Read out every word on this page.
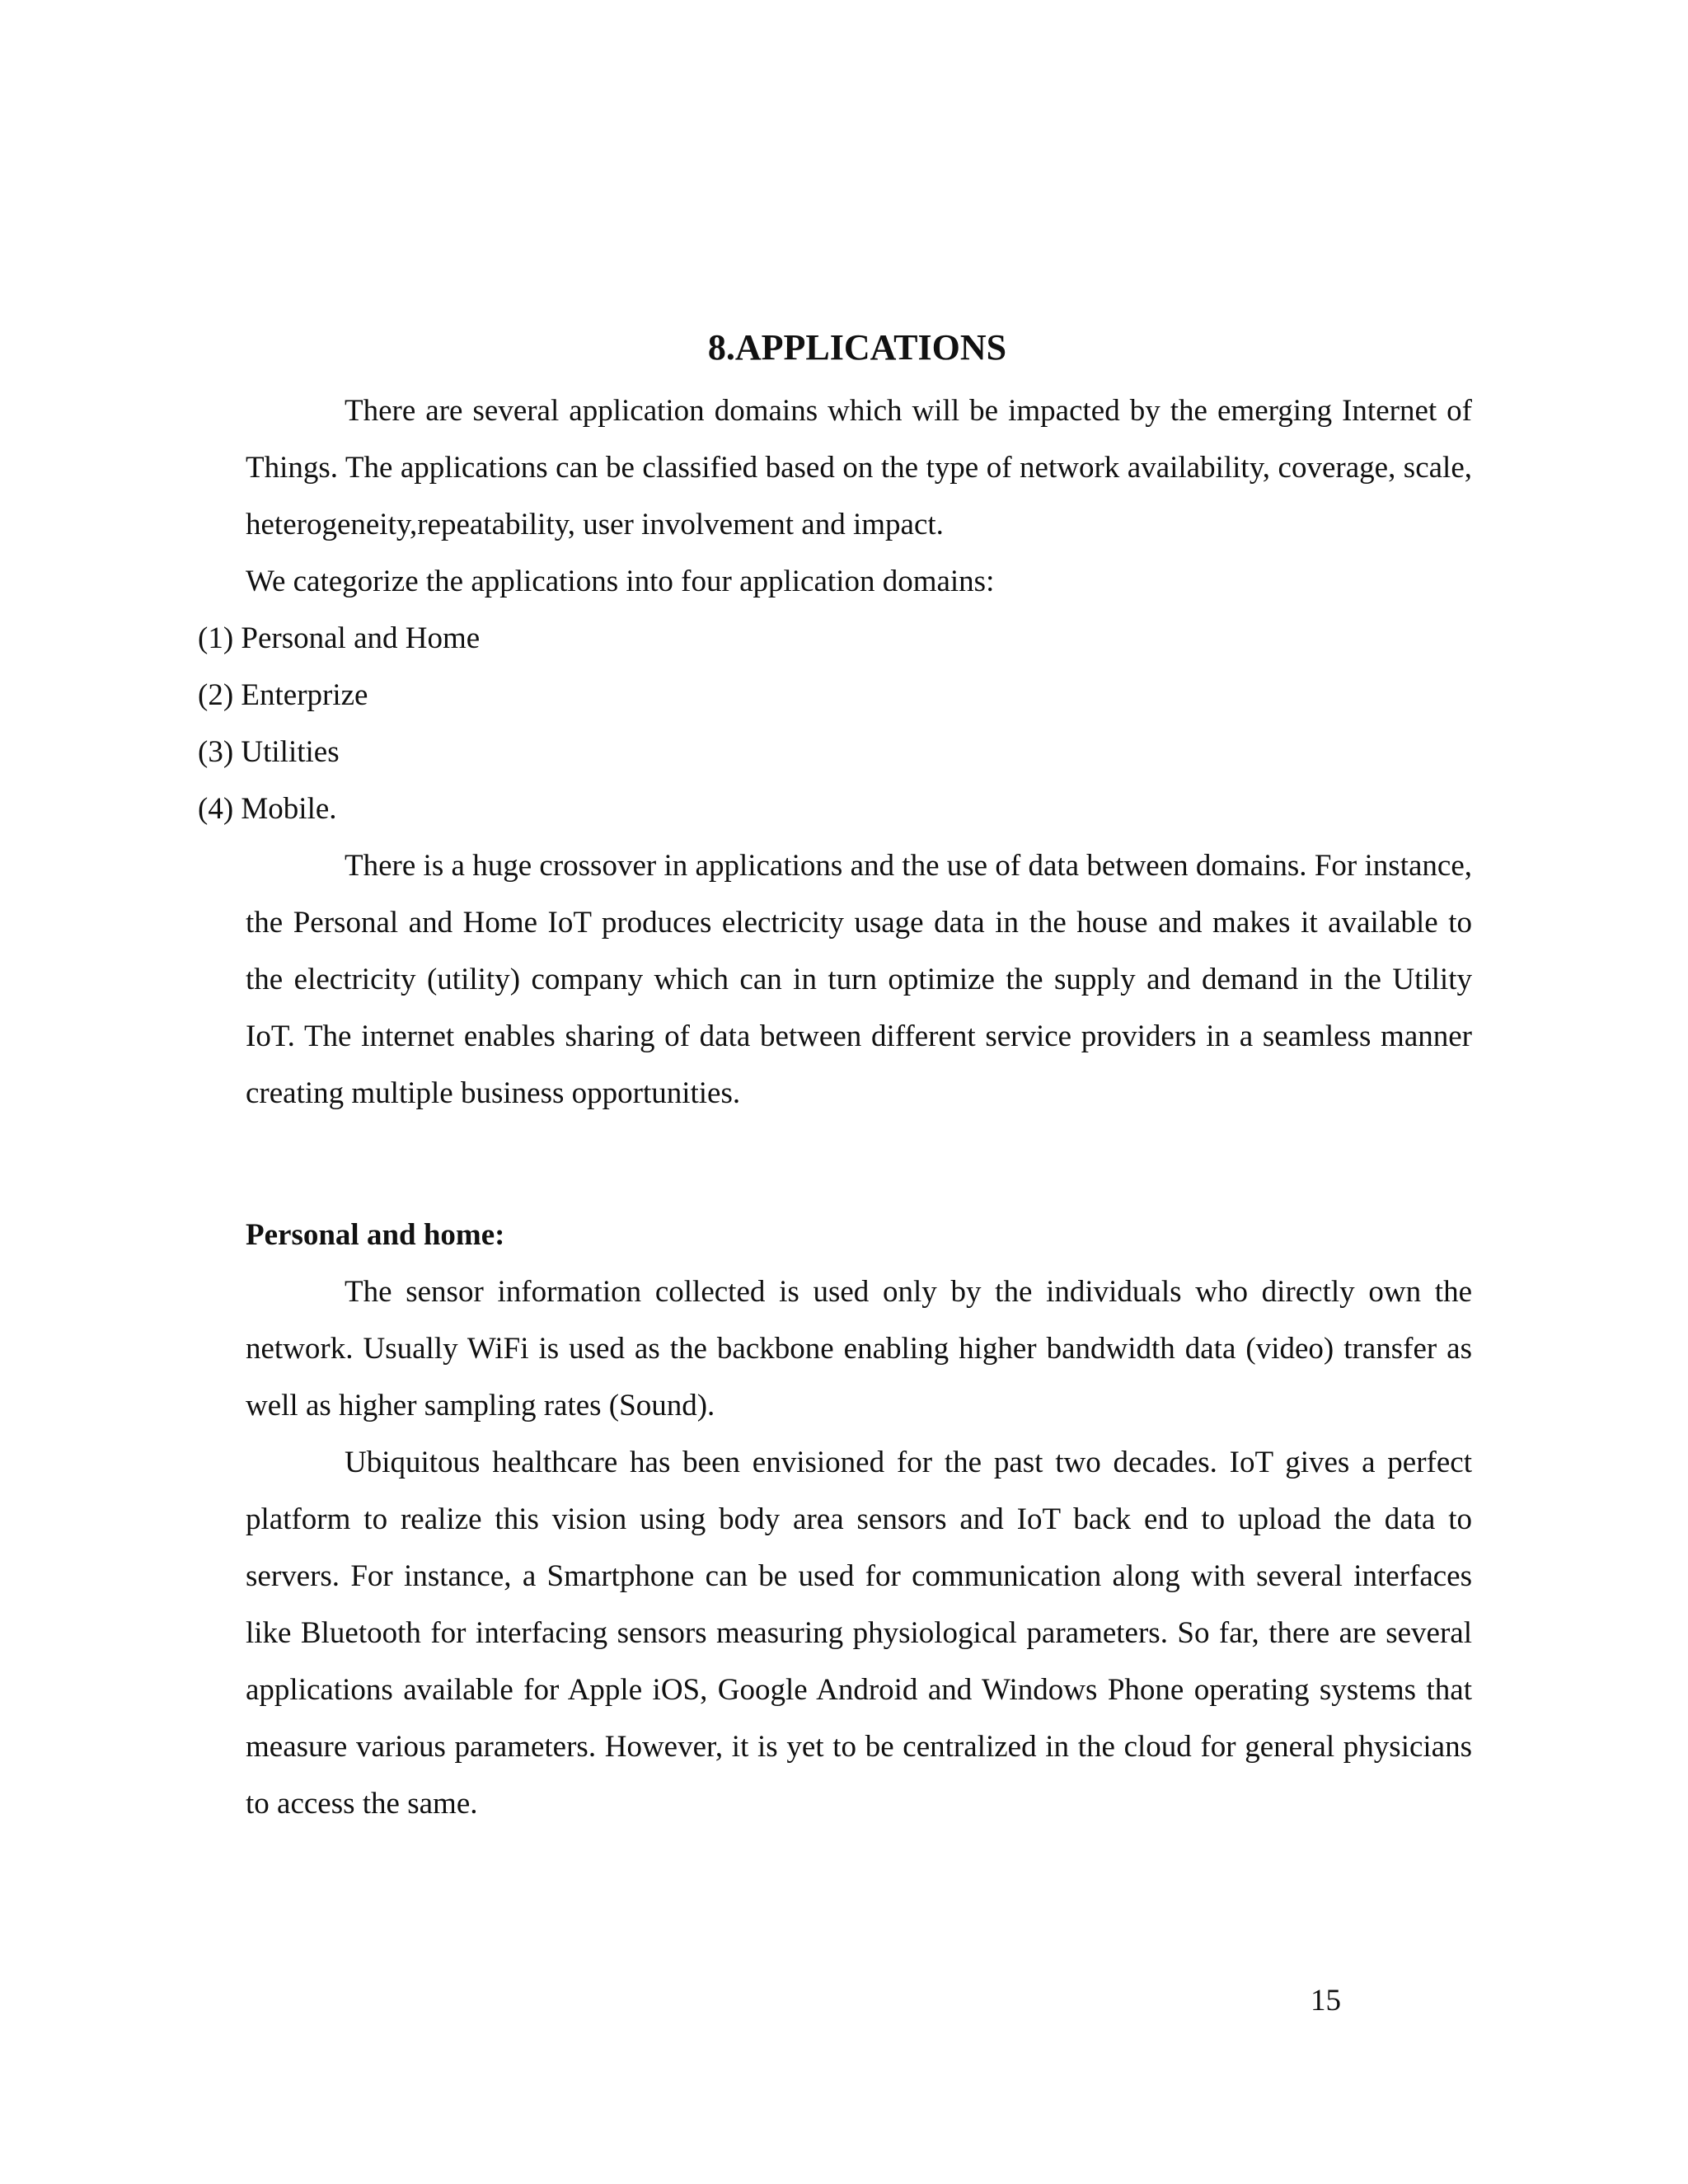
8.APPLICATIONS

There are several application domains which will be impacted by the emerging Internet of Things. The applications can be classified based on the type of network availability, coverage, scale, heterogeneity,repeatability, user involvement and impact.

We categorize the applications into four application domains:

(1) Personal and Home
(2) Enterprize
(3) Utilities
(4) Mobile.

There is a huge crossover in applications and the use of data between domains. For instance, the Personal and Home IoT produces electricity usage data in the house and makes it available to the electricity (utility) company which can in turn optimize the supply and demand in the Utility IoT. The internet enables sharing of data between different service providers in a seamless manner creating multiple business opportunities.

Personal and home:

The sensor information collected is used only by the individuals who directly own the network. Usually WiFi is used as the backbone enabling higher bandwidth data (video) transfer as well as higher sampling rates (Sound).

Ubiquitous healthcare has been envisioned for the past two decades. IoT gives a perfect platform to realize this vision using body area sensors and IoT back end to upload the data to servers. For instance, a Smartphone can be used for communication along with several interfaces like Bluetooth for interfacing sensors measuring physiological parameters. So far, there are several applications available for Apple iOS, Google Android and Windows Phone operating systems that measure various parameters. However, it is yet to be centralized in the cloud for general physicians to access the same.

15
